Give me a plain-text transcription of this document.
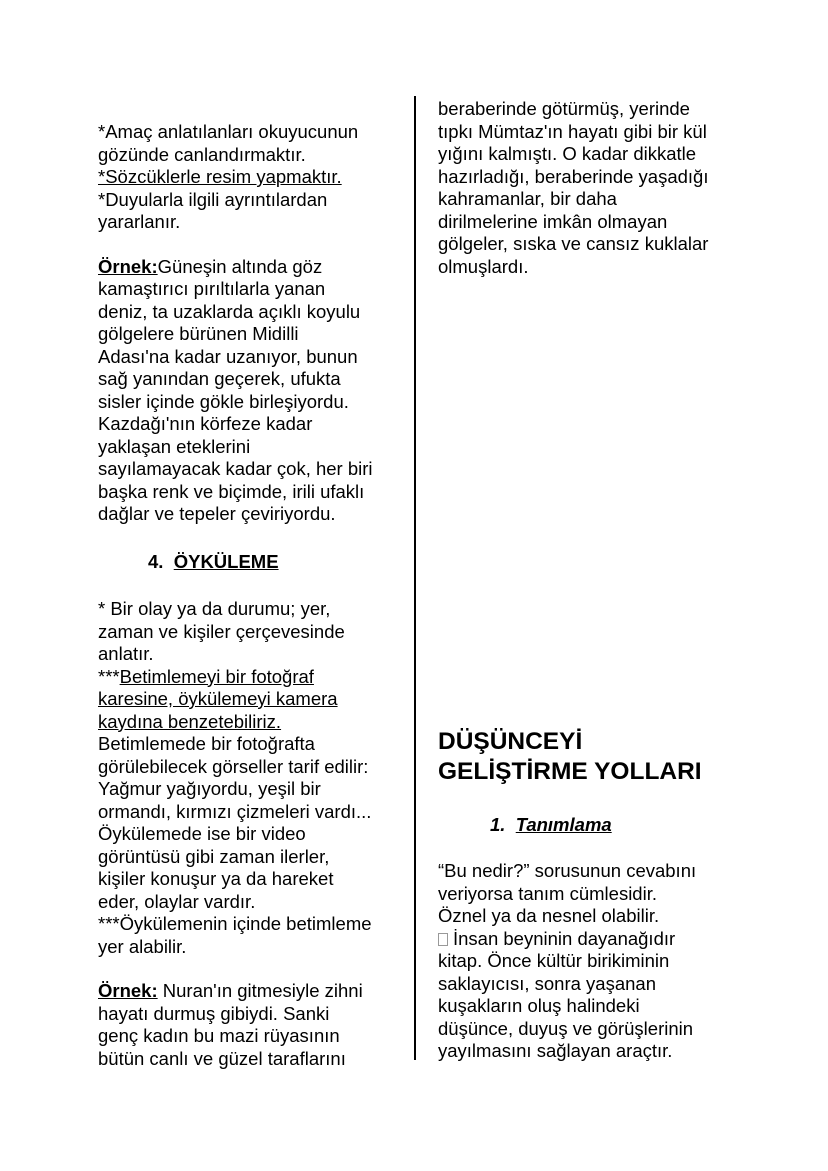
*Amaç anlatılanları okuyucunun
gözünde canlandırmaktır.
*Sözcüklerle resim yapmaktır.
*Duyularla ilgili ayrıntılardan
yararlanır.
Örnek:Güneşin altında göz
kamaştırıcı pırıltılarla yanan
deniz, ta uzaklarda açıklı koyulu
gölgelere bürünen Midilli
Adası'na kadar uzanıyor, bunun
sağ yanından geçerek, ufukta
sisler içinde gökle birleşiyordu.
Kazdağı'nın körfeze kadar
yaklaşan eteklerini
sayılamayacak kadar çok, her biri
başka renk ve biçimde, irili ufaklı
dağlar ve tepeler çeviriyordu.
4. ÖYKÜLEME
* Bir olay ya da durumu; yer,
zaman ve kişiler çerçevesinde
anlatır.
***Betimlemeyi bir fotoğraf
karesine, öykülemeyi kamera
kaydına benzetebiliriz.
Betimlemede bir fotoğrafta
görülebilecek görseller tarif edilir:
Yağmur yağıyordu, yeşil bir
ormandı, kırmızı çizmeleri vardı...
Öykülemede ise bir video
görüntüsü gibi zaman ilerler,
kişiler konuşur ya da hareket
eder, olaylar vardır.
***Öykülemenin içinde betimleme
yer alabilir.
Örnek: Nuran'ın gitmesiyle zihni
hayatı durmuş gibiydi. Sanki
genç kadın bu mazi rüyasının
bütün canlı ve güzel taraflarını
beraberinde götürmüş, yerinde
tıpkı Mümtaz'ın hayatı gibi bir kül
yığını kalmıştı. O kadar dikkatle
hazırladığı, beraberinde yaşadığı
kahramanlar, bir daha
dirilmelerine imkân olmayan
gölgeler, sıska ve cansız kuklalar
olmuşlardı.
DÜŞÜNCEYİ
GELİŞTİRME YOLLARI
1. Tanımlama
“Bu nedir?” sorusunun cevabını
veriyorsa tanım cümlesidir.
Öznel ya da nesnel olabilir.
İnsan beyninin dayanağıdır
kitap. Önce kültür birikiminin
saklayıcısı, sonra yaşanan
kuşakların oluş halindeki
düşünce, duyuş ve görüşlerinin
yayılmasını sağlayan araçtır.
